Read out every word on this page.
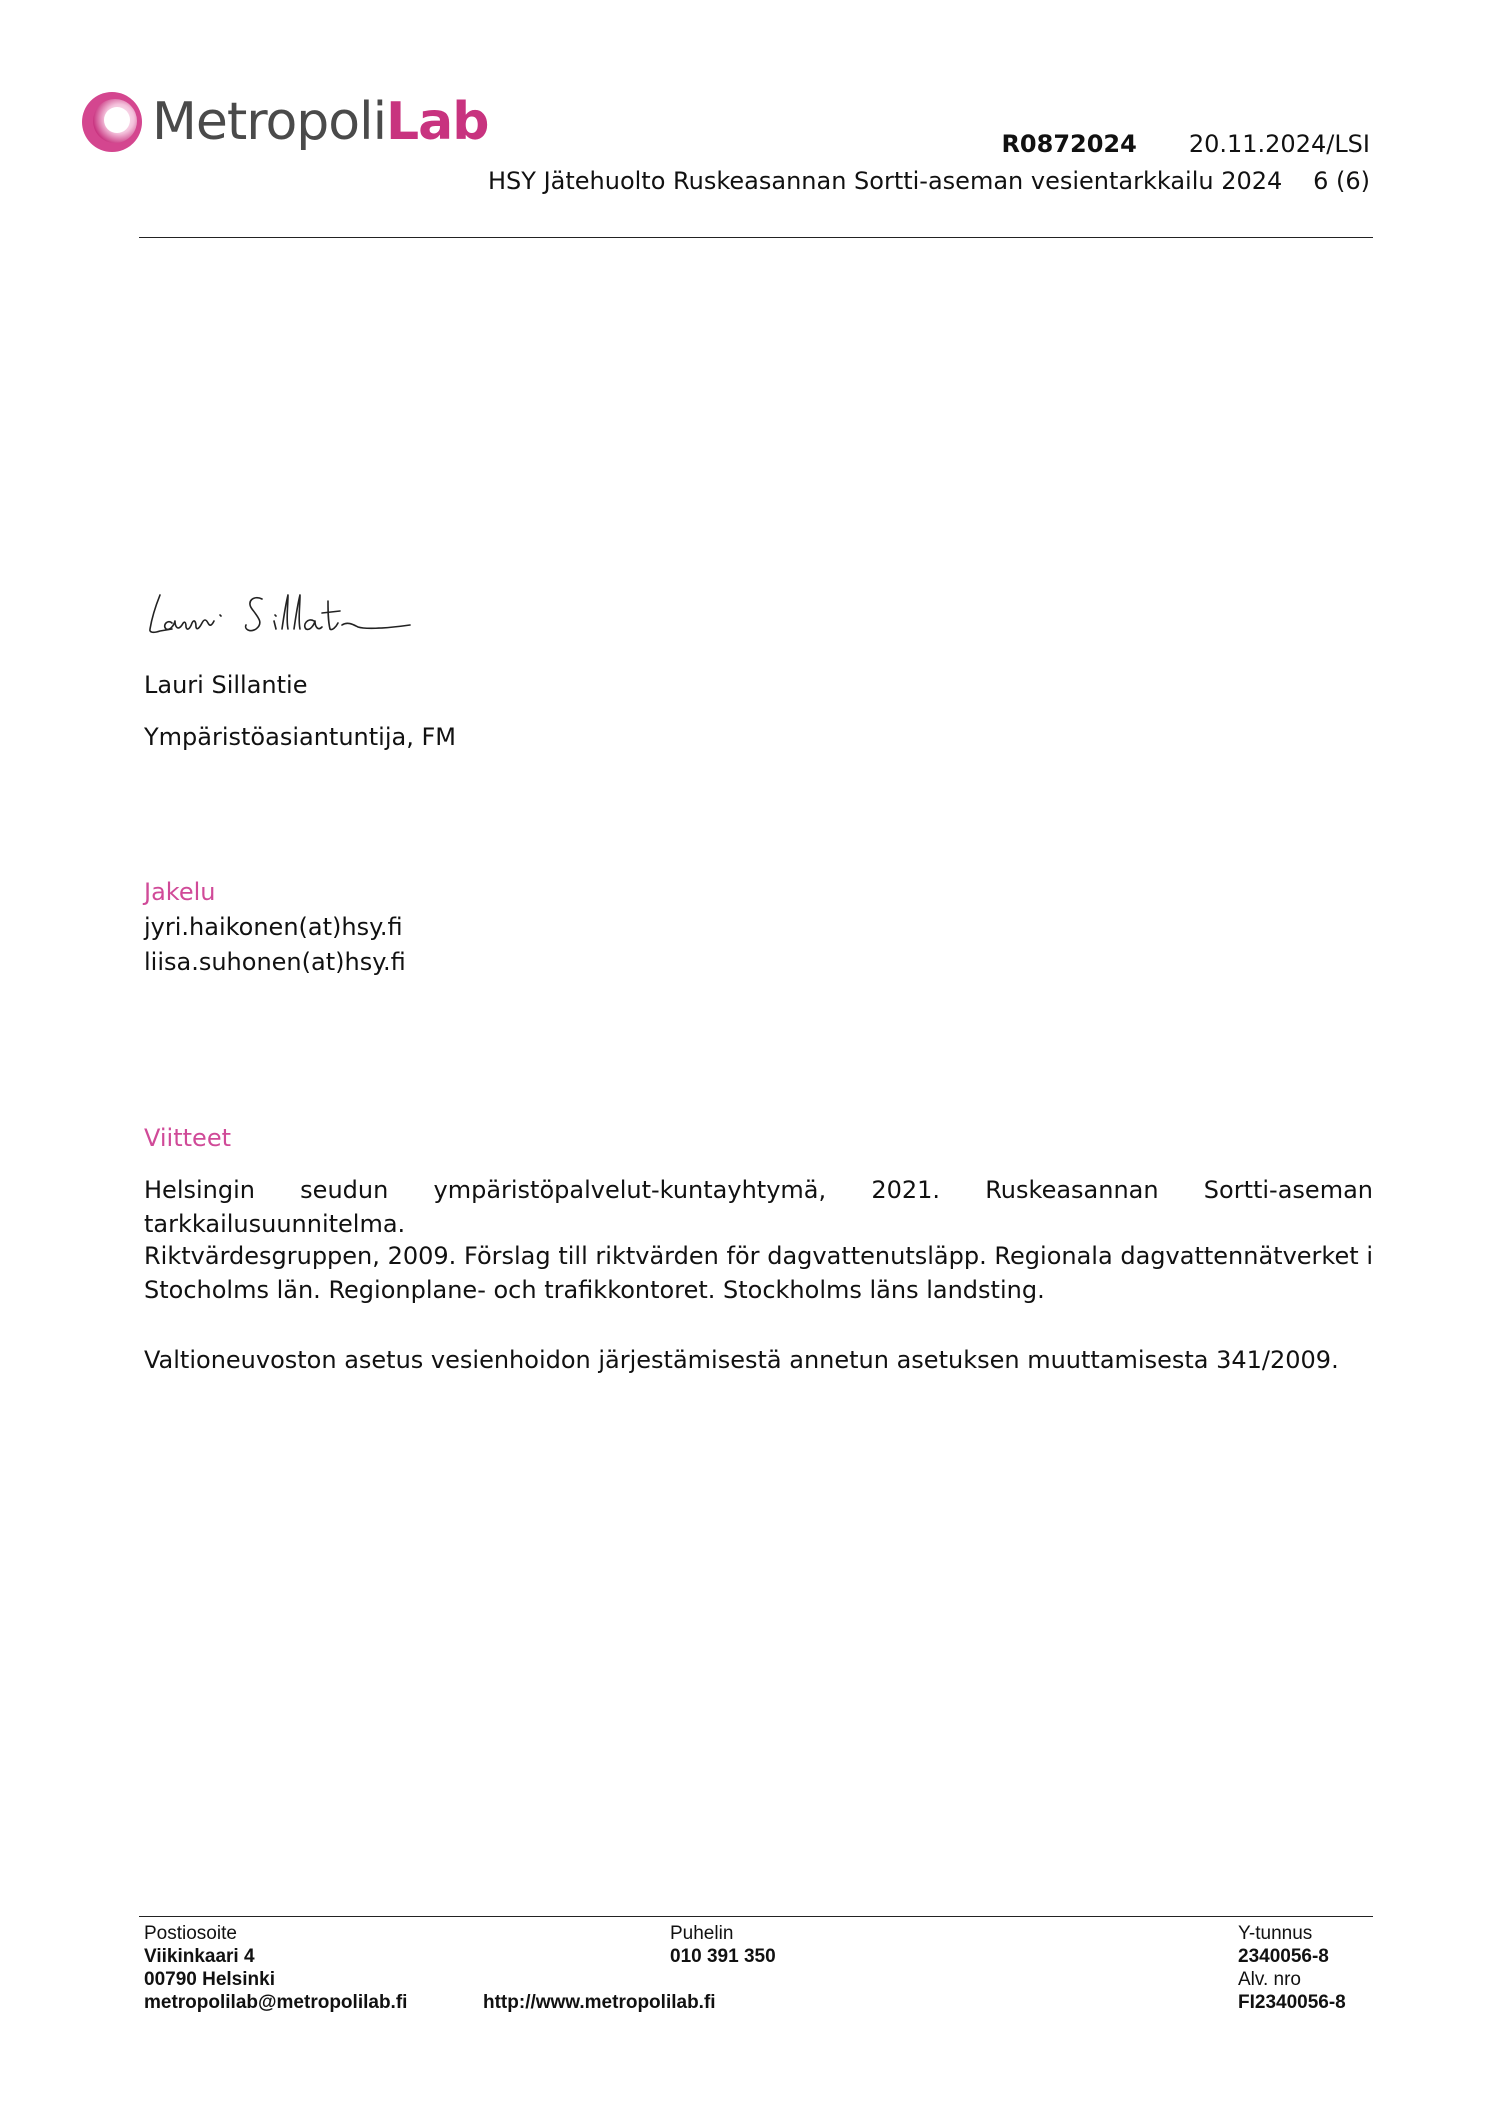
MetropoliLab	R0872024 20.11.2024/LSI
HSY Jätehuolto Ruskeasannan Sortti-aseman vesientarkkailu 2024 6 (6)
Lauri Sillantie
Ympäristöasiantuntija, FM
Jakelu
jyri.haikonen(at)hsy.fi
liisa.suhonen(at)hsy.fi
Viitteet
Helsingin seudun ympäristöpalvelut-kuntayhtymä, 2021. Ruskeasannan Sortti-aseman tarkkailusuunnitelma.
Riktvärdesgruppen, 2009. Förslag till riktvärden för dagvattenutsläpp. Regionala dagvattennätverket i Stocholms län. Regionplane- och trafikkontoret. Stockholms läns landsting.
Valtioneuvoston asetus vesienhoidon järjestämisestä annetun asetuksen muuttamisesta 341/2009.
Postiosoite
Viikinkaari 4
00790 Helsinki
metropolilab@metropolilab.fi
Puhelin
010 391 350
http://www.metropolilab.fi
Y-tunnus
2340056-8
Alv. nro
FI2340056-8
